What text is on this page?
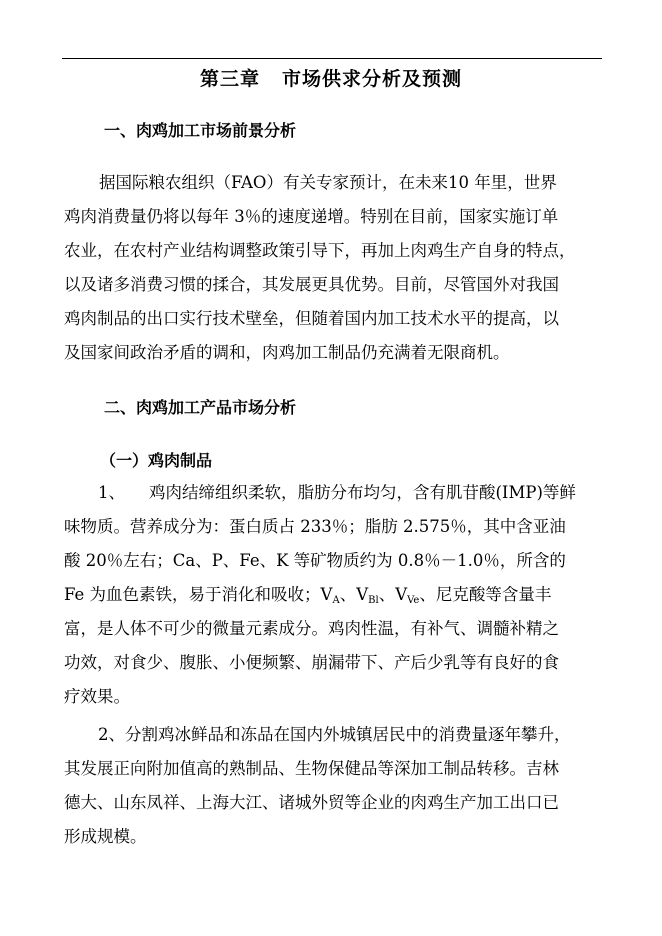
第三章 市场供求分析及预测
一、肉鸡加工市场前景分析
据国际粮农组织（FAO）有关专家预计，在未来10 年里，世界
鸡肉消费量仍将以每年 3％的速度递增。特别在目前，国家实施订单
农业，在农村产业结构调整政策引导下，再加上肉鸡生产自身的特点，
以及诸多消费习惯的揉合，其发展更具优势。目前，尽管国外对我国
鸡肉制品的出口实行技术壁垒，但随着国内加工技术水平的提高，以
及国家间政治矛盾的调和，肉鸡加工制品仍充满着无限商机。
二、肉鸡加工产品市场分析
（一）鸡肉制品
1、 鸡肉结缔组织柔软，脂肪分布均匀，含有肌苷酸(IMP)等鲜
味物质。营养成分为：蛋白质占 233％；脂肪 2.575％，其中含亚油
酸 20％左右；Ca、P、Fe、K 等矿物质约为 0.8％－1.0％，所含的
Fe 为血色素铁，易于消化和吸收；$V_A$、$V_{Bl}$、$V_{Ve}$、尼克酸等含量丰
富，是人体不可少的微量元素成分。鸡肉性温，有补气、调髓补精之
功效，对食少、腹胀、小便频繁、崩漏带下、产后少乳等有良好的食
疗效果。
2、分割鸡冰鲜品和冻品在国内外城镇居民中的消费量逐年攀升，
其发展正向附加值高的熟制品、生物保健品等深加工制品转移。吉林
德大、山东凤祥、上海大江、诸城外贸等企业的肉鸡生产加工出口已
形成规模。
